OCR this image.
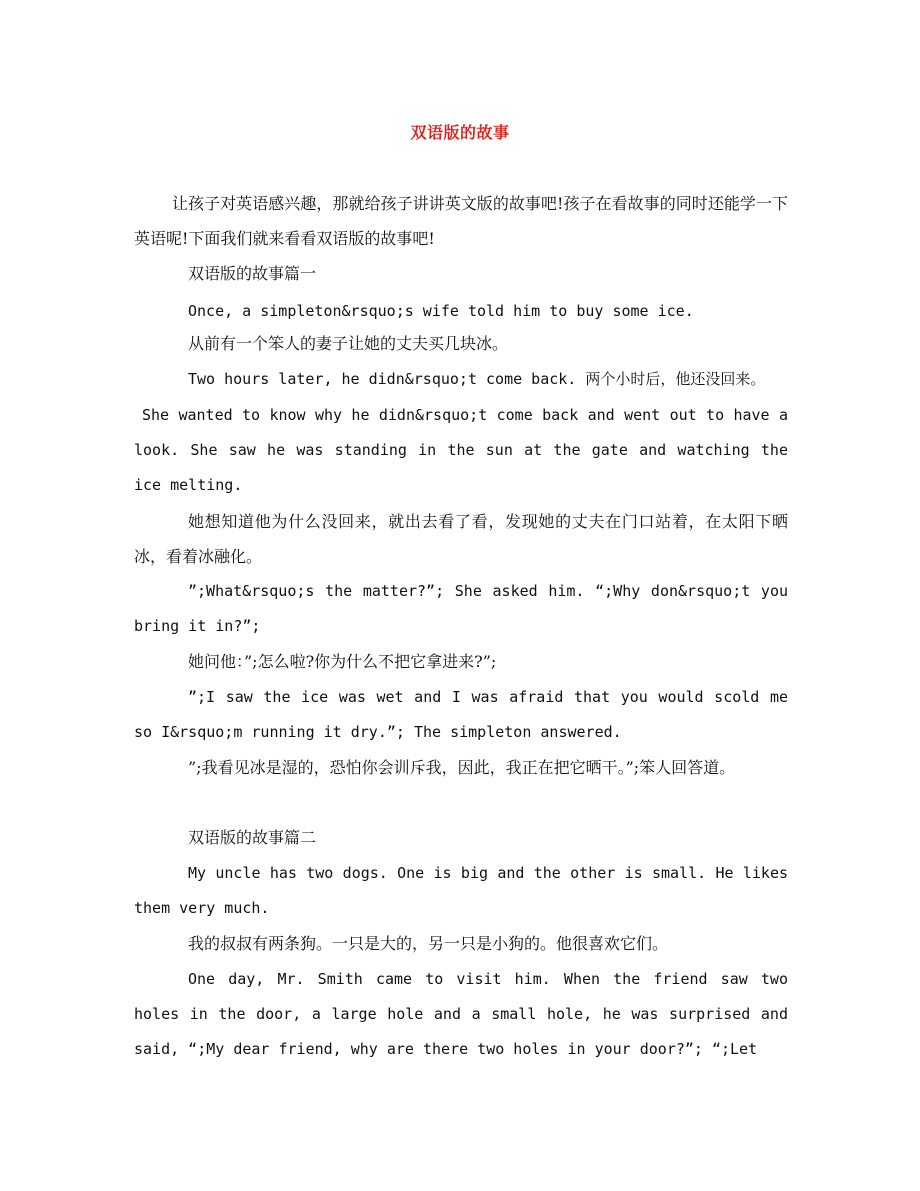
双语版的故事

让孩子对英语感兴趣，那就给孩子讲讲英文版的故事吧!孩子在看故事的同时还能学一下英语呢!下面我们就来看看双语版的故事吧!

双语版的故事篇一

Once, a simpleton&rsquo;s wife told him to buy some ice.

从前有一个笨人的妻子让她的丈夫买几块冰。

Two hours later, he didn&rsquo;t come back. 两个小时后，他还没回来。

She wanted to know why he didn&rsquo;t come back and went out to have a look. She saw he was standing in the sun at the gate and watching the ice melting.

她想知道他为什么没回来，就出去看了看，发现她的丈夫在门口站着，在太阳下晒冰，看着冰融化。

”;What&rsquo;s the matter?”; She asked him. “;Why don&rsquo;t you bring it in?”;

她问他：”;怎么啦?你为什么不把它拿进来?”;

”;I saw the ice was wet and I was afraid that you would scold me so I&rsquo;m running it dry.”; The simpleton answered.

”;我看见冰是湿的，恐怕你会训斥我，因此，我正在把它晒干。”;笨人回答道。

双语版的故事篇二

My uncle has two dogs. One is big and the other is small. He likes them very much.

我的叔叔有两条狗。一只是大的，另一只是小狗的。他很喜欢它们。

One day, Mr. Smith came to visit him. When the friend saw two holes in the door, a large hole and a small hole, he was surprised and said, “;My dear friend, why are there two holes in your door?”; “;Let
